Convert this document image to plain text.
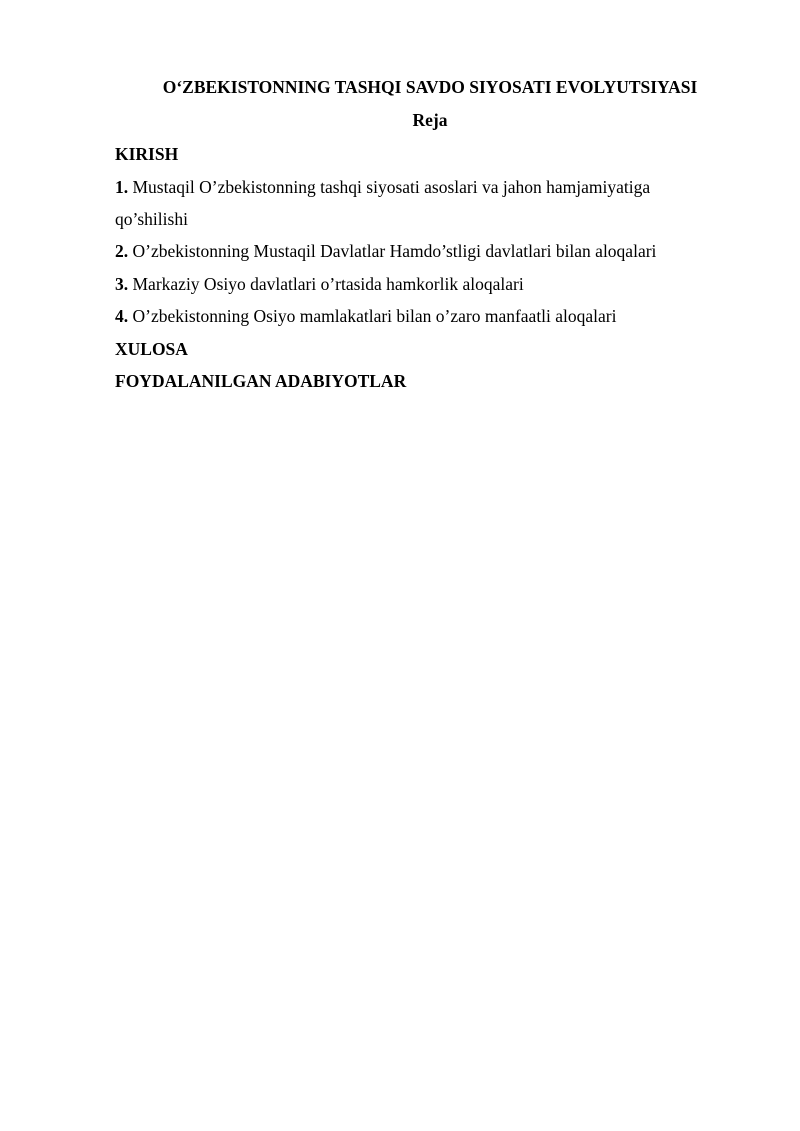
O‘ZBEKISTONNING TASHQI SAVDO SIYOSATI EVOLYUTSIYASI
Reja
KIRISH
1. Mustaqil O’zbekistonning tashqi siyosati asoslari va jahon hamjamiyatiga
qo’shilishi
2. O’zbekistonning Mustaqil Davlatlar Hamdo’stligi davlatlari bilan aloqalari
3. Markaziy Osiyo davlatlari o’rtasida hamkorlik aloqalari
4. O’zbekistonning Osiyo mamlakatlari bilan o’zaro manfaatli aloqalari
XULOSA
FOYDALANILGAN ADABIYOTLAR
